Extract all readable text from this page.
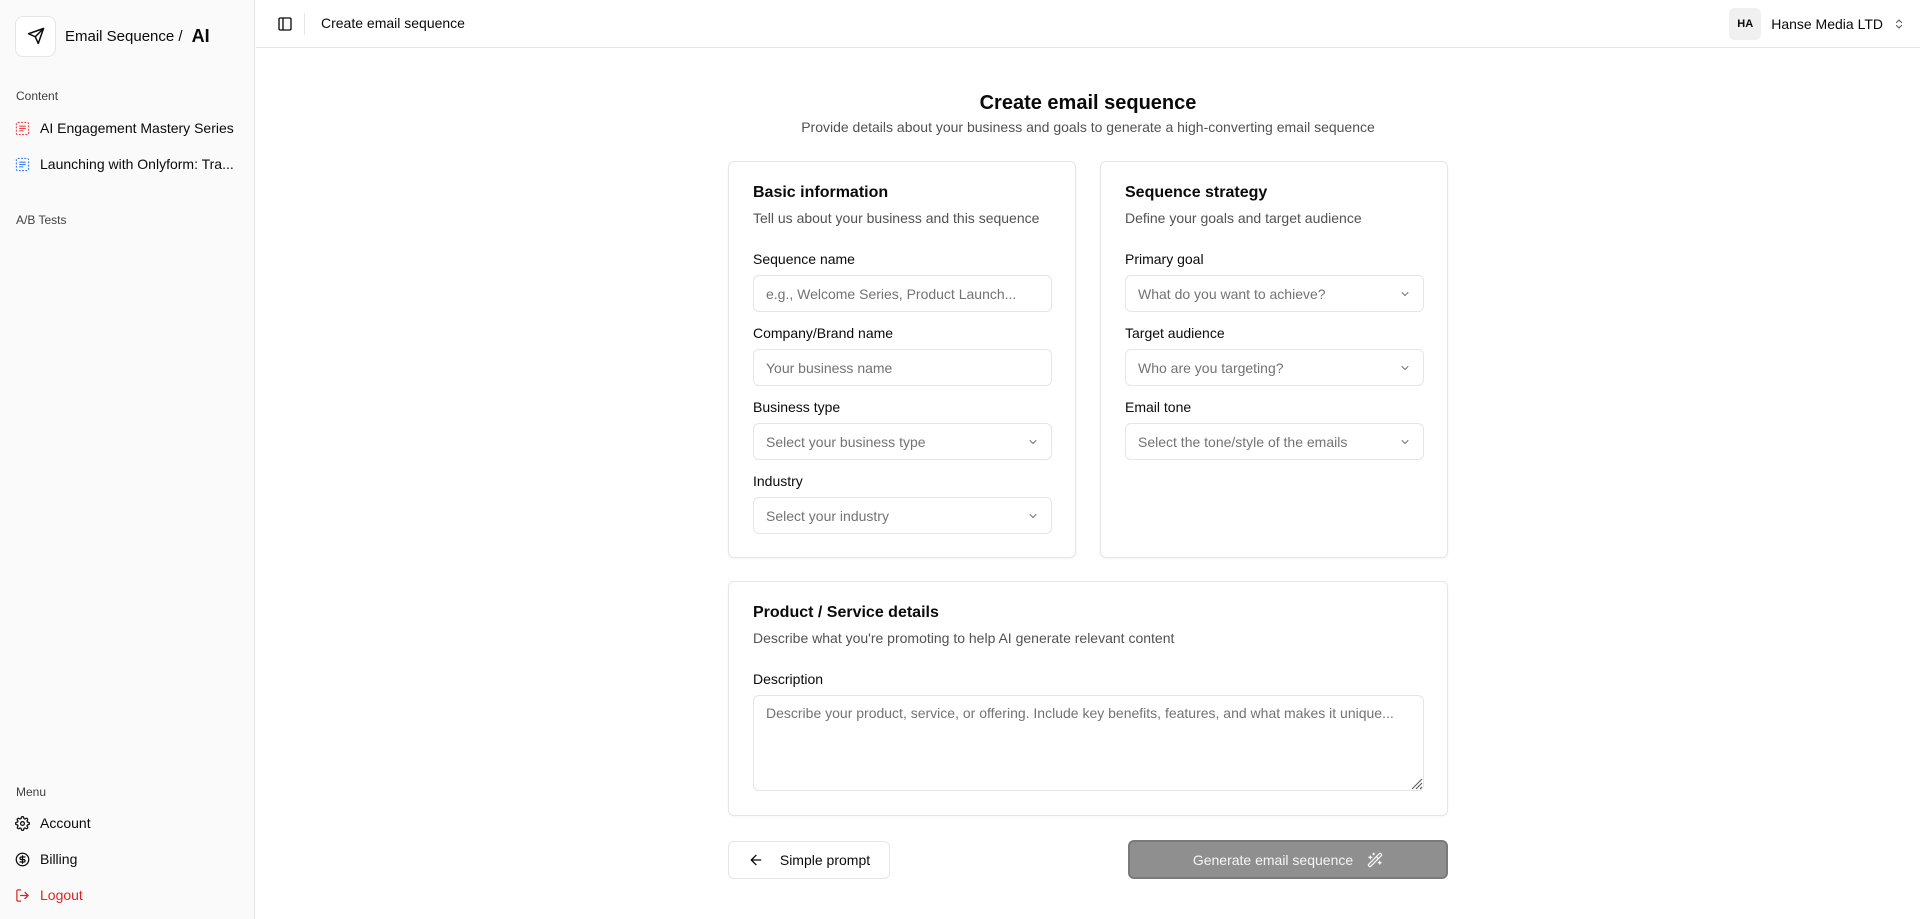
Email Sequence / AI
Content
AI Engagement Mastery Series
Launching with Onlyform: Tra...
A/B Tests
Menu
Account
Billing
Logout
Create email sequence	HA	Hanse Media LTD
Create email sequence
Provide details about your business and goals to generate a high-converting email sequence
Basic information
Tell us about your business and this sequence
Sequence name
e.g., Welcome Series, Product Launch...
Company/Brand name
Your business name
Business type
Select your business type
Industry
Select your industry
Sequence strategy
Define your goals and target audience
Primary goal
What do you want to achieve?
Target audience
Who are you targeting?
Email tone
Select the tone/style of the emails
Product / Service details
Describe what you're promoting to help AI generate relevant content
Description
Describe your product, service, or offering. Include key benefits, features, and what makes it unique...
Simple prompt	Generate email sequence
